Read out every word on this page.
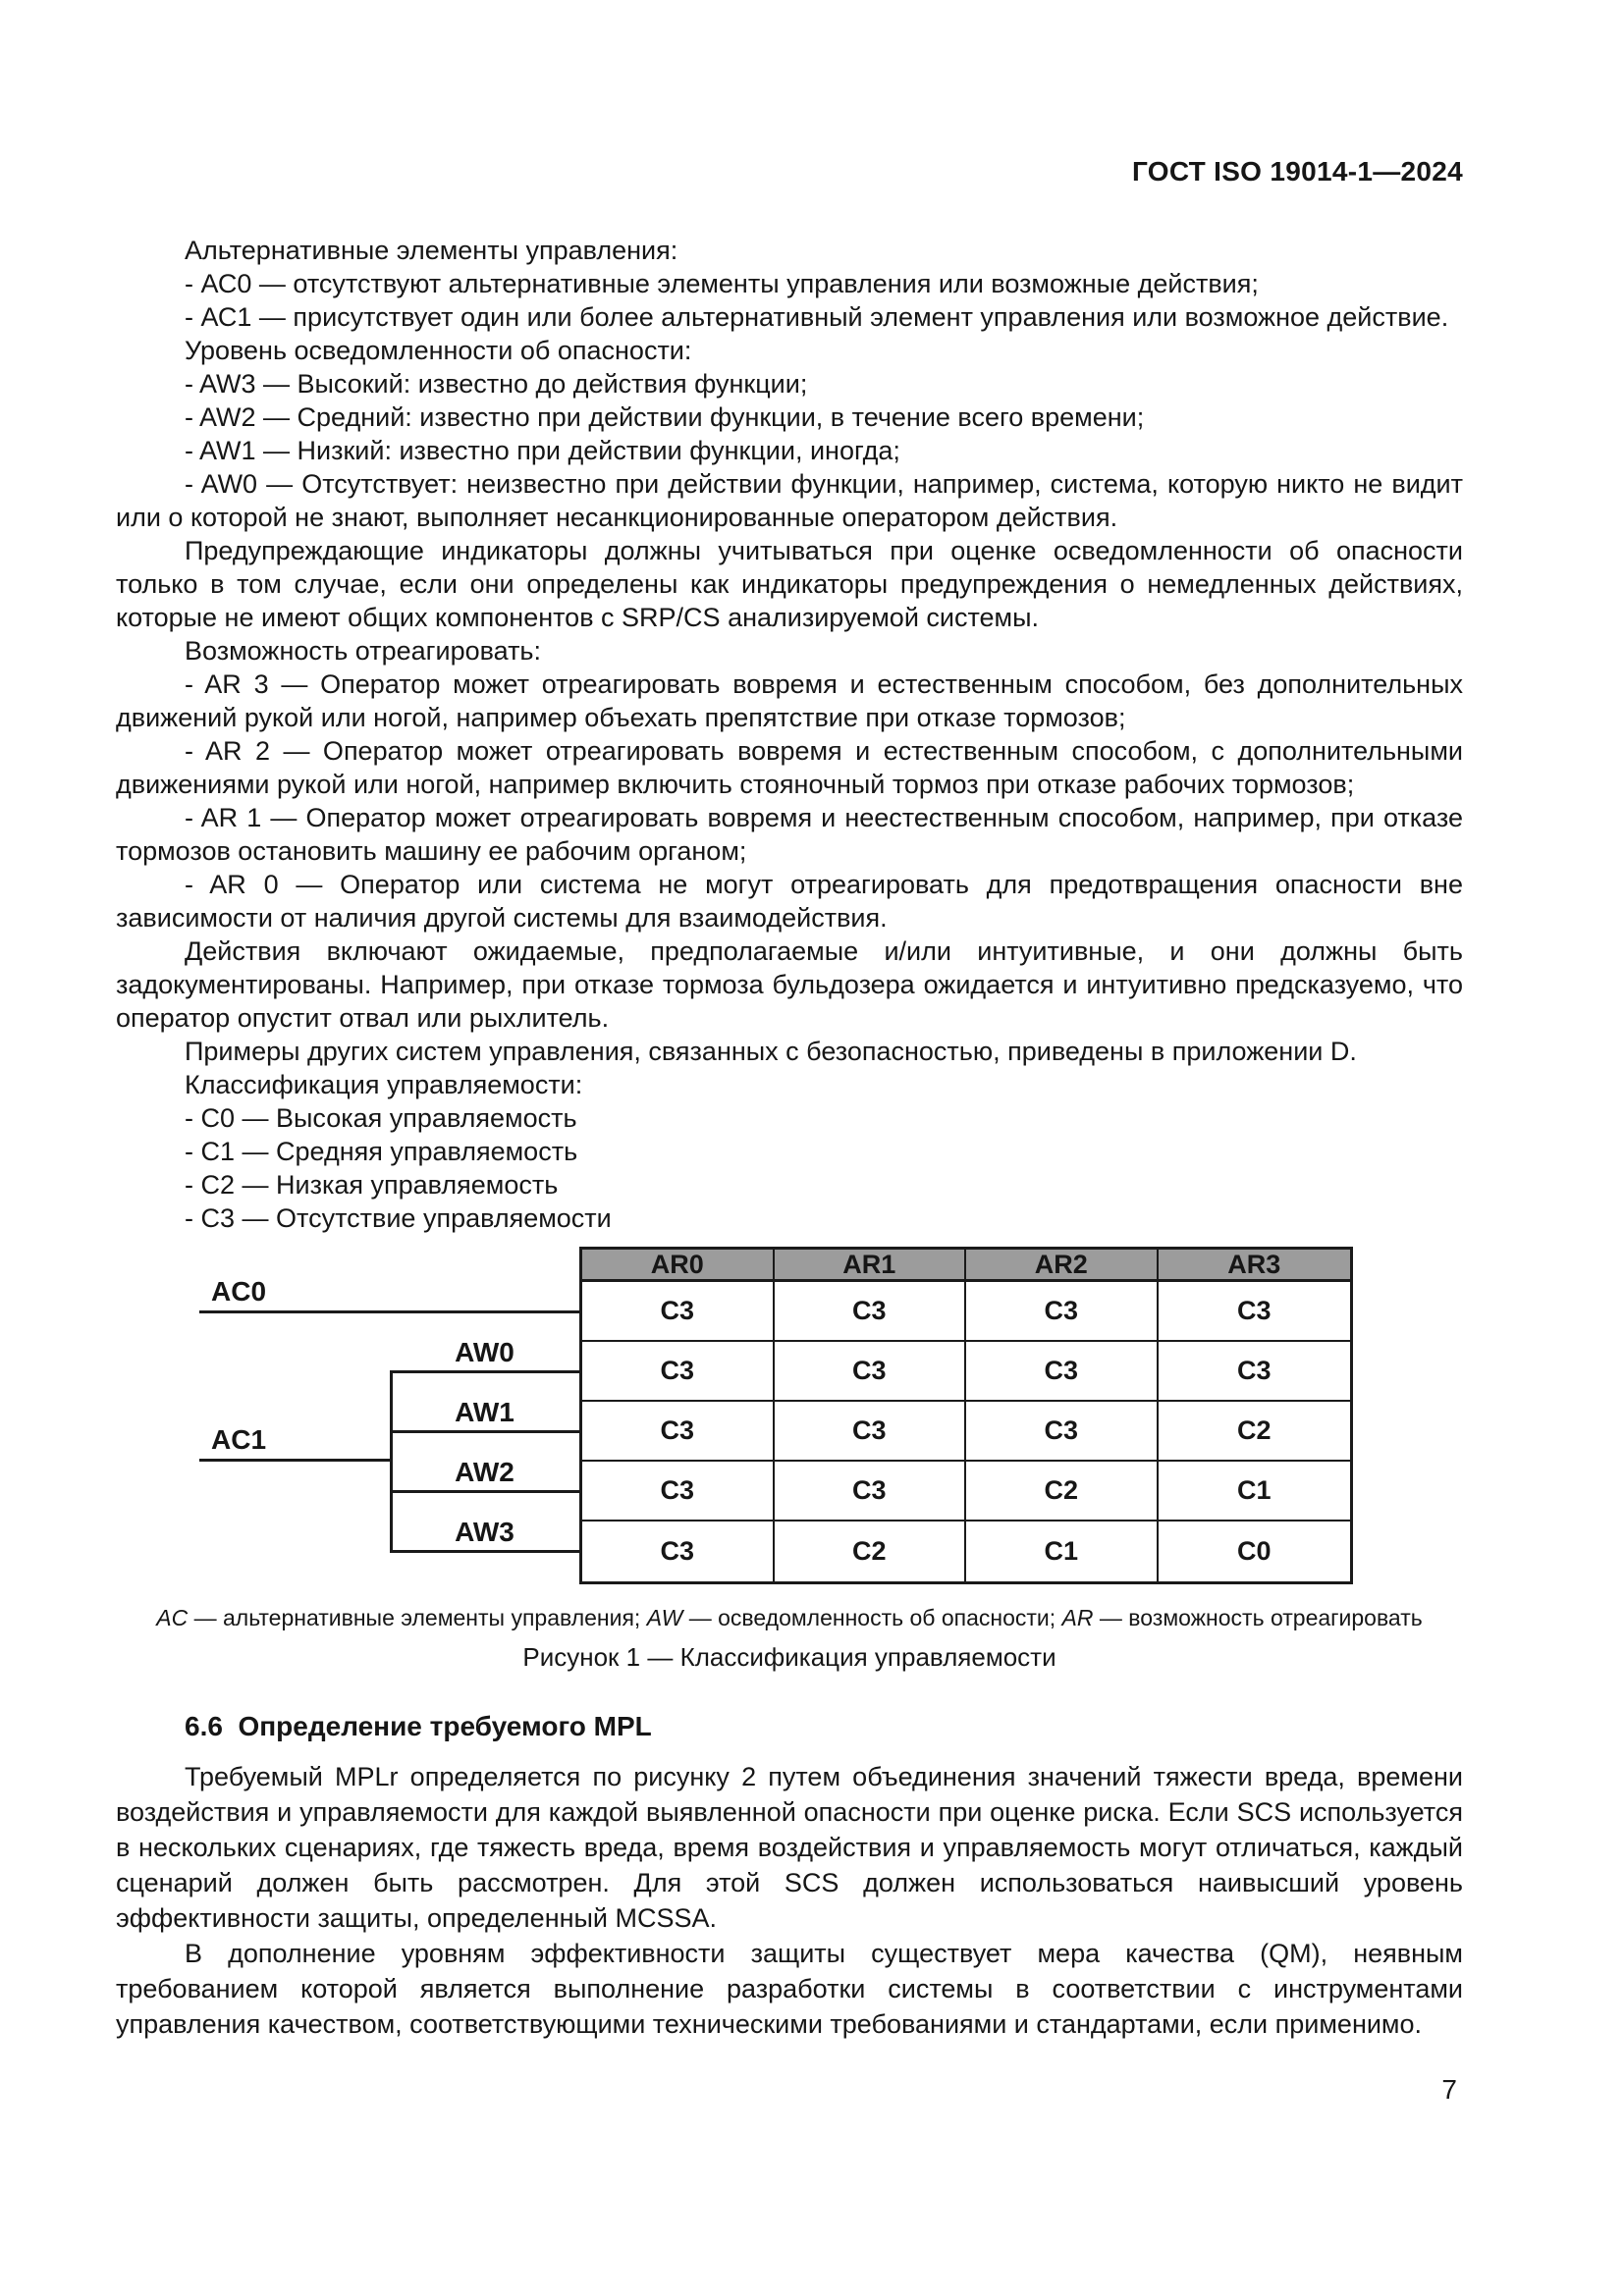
ГОСТ ISO 19014-1—2024

Альтернативные элементы управления:

- АС0 — отсутствуют альтернативные элементы управления или возможные действия;

- АС1 — присутствует один или более альтернативный элемент управления или возможное действие.

Уровень осведомленности об опасности:

- AW3 — Высокий: известно до действия функции;

- AW2 — Средний: известно при действии функции, в течение всего времени;

- AW1 — Низкий: известно при действии функции, иногда;

- AW0 — Отсутствует: неизвестно при действии функции, например, система, которую никто не видит или о которой не знают, выполняет несанкционированные оператором действия.

Предупреждающие индикаторы должны учитываться при оценке осведомленности об опасности только в том случае, если они определены как индикаторы предупреждения о немедленных действиях, которые не имеют общих компонентов с SRP/CS анализируемой системы.

Возможность отреагировать:

- AR 3 — Оператор может отреагировать вовремя и естественным способом, без дополнительных движений рукой или ногой, например объехать препятствие при отказе тормозов;

- AR 2 — Оператор может отреагировать вовремя и естественным способом, с дополнительными движениями рукой или ногой, например включить стояночный тормоз при отказе рабочих тормозов;

- AR 1 — Оператор может отреагировать вовремя и неестественным способом, например, при отказе тормозов остановить машину ее рабочим органом;

- AR 0 — Оператор или система не могут отреагировать для предотвращения опасности вне зависимости от наличия другой системы для взаимодействия.

Действия включают ожидаемые, предполагаемые и/или интуитивные, и они должны быть задокументированы. Например, при отказе тормоза бульдозера ожидается и интуитивно предсказуемо, что оператор опустит отвал или рыхлитель.

Примеры других систем управления, связанных с безопасностью, приведены в приложении D.

Классификация управляемости:

- С0 — Высокая управляемость

- С1 — Средняя управляемость

- С2 — Низкая управляемость

- С3 — Отсутствие управляемости

AC0
AC1
AW0
AW1
AW2
AW3
AR0	AR1	AR2	AR3
C3	C3	C3	C3
C3	C3	C3	C3
C3	C3	C3	C2
C3	C3	C2	C1
C3	C2	C1	C0
AC — альтернативные элементы управления; AW — осведомленность об опасности; AR — возможность отреагировать
Рисунок 1 — Классификация управляемости
6.6  Определение требуемого MPL

Требуемый MPLr определяется по рисунку 2 путем объединения значений тяжести вреда, времени воздействия и управляемости для каждой выявленной опасности при оценке риска. Если SCS используется в нескольких сценариях, где тяжесть вреда, время воздействия и управляемость могут отличаться, каждый сценарий должен быть рассмотрен. Для этой SCS должен использоваться наивысший уровень эффективности защиты, определенный MCSSA.

В дополнение уровням эффективности защиты существует мера качества (QM), неявным требованием которой является выполнение разработки системы в соответствии с инструментами управления качеством, соответствующими техническими требованиями и стандартами, если применимо.

7
